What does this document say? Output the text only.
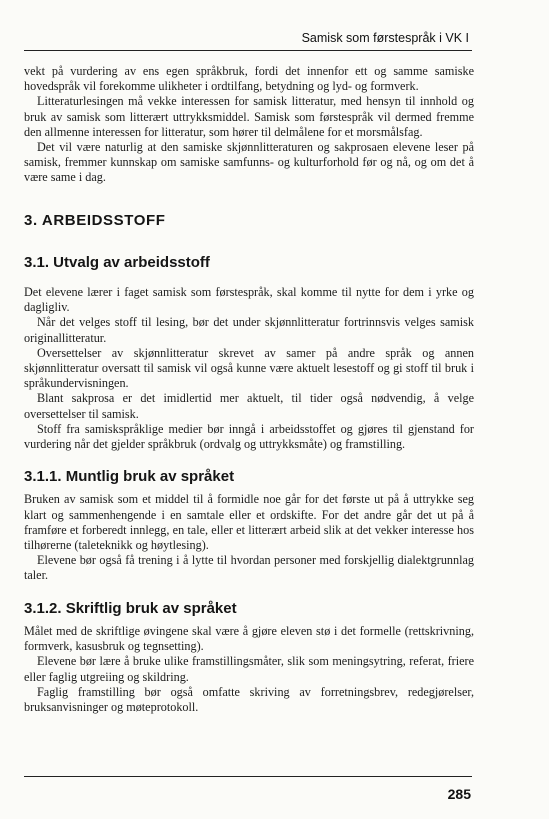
Samisk som førstespråk i VK I

vekt på vurdering av ens egen språkbruk, fordi det innenfor ett og samme samiske hovedspråk vil forekomme ulikheter i ordtilfang, betydning og lyd- og formverk.

Litteraturlesingen må vekke interessen for samisk litteratur, med hensyn til innhold og bruk av samisk som litterært uttrykksmiddel. Samisk som førstespråk vil dermed fremme den allmenne interessen for litteratur, som hører til delmålene for et morsmålsfag.

Det vil være naturlig at den samiske skjønnlitteraturen og sakprosaen elevene leser på samisk, fremmer kunnskap om samiske samfunns- og kulturforhold før og nå, og om det å være same i dag.

3. ARBEIDSSTOFF
3.1. Utvalg av arbeidsstoff

Det elevene lærer i faget samisk som førstespråk, skal komme til nytte for dem i yrke og dagligliv.

Når det velges stoff til lesing, bør det under skjønnlitteratur fortrinnsvis velges samisk originallitteratur.

Oversettelser av skjønnlitteratur skrevet av samer på andre språk og annen skjønnlitteratur oversatt til samisk vil også kunne være aktuelt lesestoff og gi stoff til bruk i språkundervisningen.

Blant sakprosa er det imidlertid mer aktuelt, til tider også nødvendig, å velge oversettelser til samisk.

Stoff fra samiskspråklige medier bør inngå i arbeidsstoffet og gjøres til gjenstand for vurdering når det gjelder språkbruk (ordvalg og uttrykksmåte) og framstilling.

3.1.1. Muntlig bruk av språket

Bruken av samisk som et middel til å formidle noe går for det første ut på å uttrykke seg klart og sammenhengende i en samtale eller et ordskifte. For det andre går det ut på å framføre et forberedt innlegg, en tale, eller et litterært arbeid slik at det vekker interesse hos tilhørerne (taleteknikk og høytlesing).

Elevene bør også få trening i å lytte til hvordan personer med forskjellig dialektgrunnlag taler.

3.1.2. Skriftlig bruk av språket

Målet med de skriftlige øvingene skal være å gjøre eleven stø i det formelle (rettskrivning, formverk, kasusbruk og tegnsetting).

Elevene bør lære å bruke ulike framstillingsmåter, slik som meningsytring, referat, friere eller faglig utgreiing og skildring.

Faglig framstilling bør også omfatte skriving av forretningsbrev, redegjørelser, bruksanvisninger og møteprotokoll.

285
